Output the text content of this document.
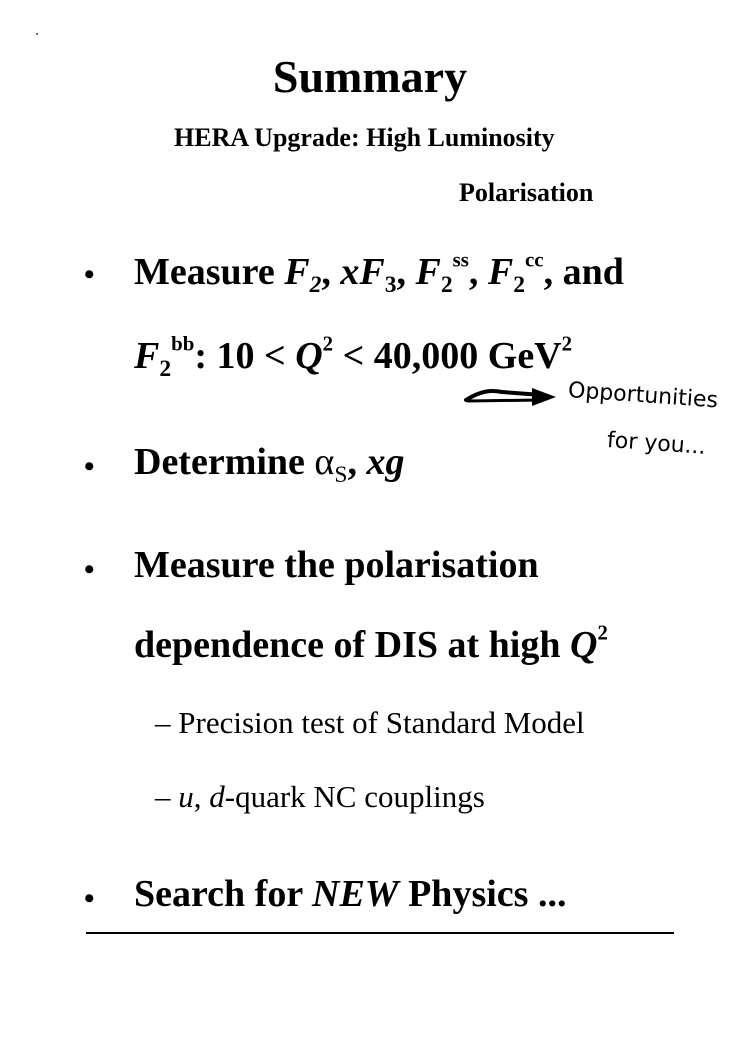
Summary
HERA Upgrade: High Luminosity
Polarisation
• Measure $F_2$, $xF_3$, $F_2^{ss}$, $F_2^{cc}$, and
$F_2^{bb}$: $10 < Q^2 < 40,000$ GeV$^2$
Opportunities
for you...
• Determine $\alpha_S$, xg
• Measure the polarisation
dependence of DIS at high $Q^2$
– Precision test of Standard Model
– u, d-quark NC couplings
• Search for NEW Physics ...
